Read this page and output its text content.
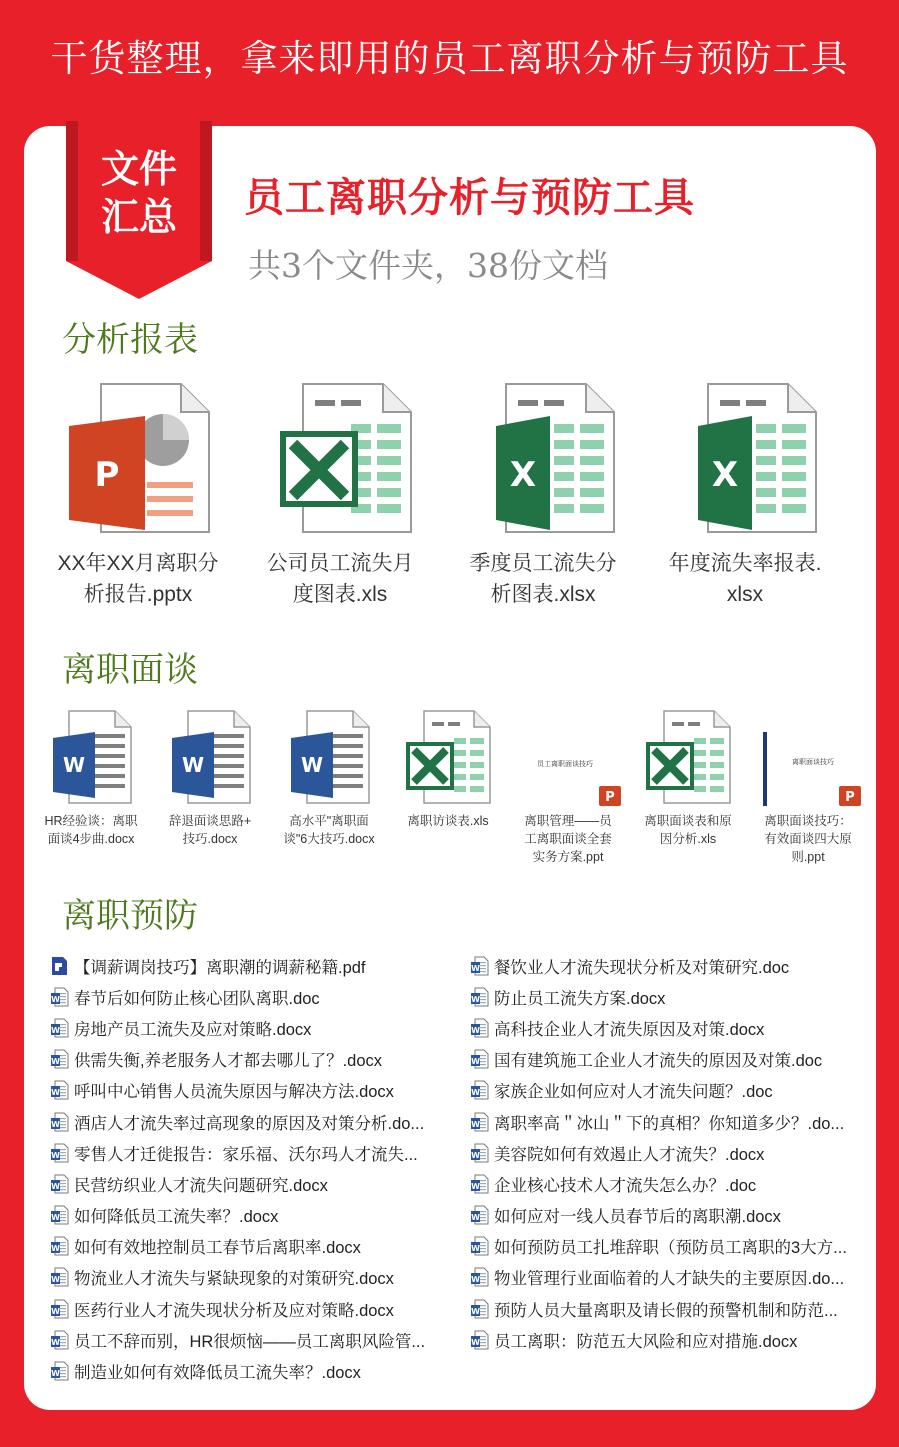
干货整理，拿来即用的员工离职分析与预防工具
文件
汇总	员工离职分析与预防工具
共3个文件夹，38份文档
分析报表
P
XX年XX月离职分
析报告.pptx
公司员工流失月
度图表.xls
X
季度员工流失分
析图表.xlsx
X
年度流失率报表.
xlsx
离职面谈
W
HR经验谈：离职
面谈4步曲.docx
W
辞退面谈思路+
技巧.docx
W
高水平"离职面
谈"6大技巧.docx
离职访谈表.xls
员工离职面谈技巧
P
离职管理——员
工离职面谈全套
实务方案.ppt
离职面谈表和原
因分析.xls
离职面谈技巧
P
离职面谈技巧：
有效面谈四大原
则.ppt
离职预防
【调薪调岗技巧】离职潮的调薪秘籍.pdf
W 春节后如何防止核心团队离职.doc
W 房地产员工流失及应对策略.docx
W 供需失衡,养老服务人才都去哪儿了？.docx
W 呼叫中心销售人员流失原因与解决方法.docx
W 酒店人才流失率过高现象的原因及对策分析.do...
W 零售人才迁徙报告：家乐福、沃尔玛人才流失...
W 民营纺织业人才流失问题研究.docx
W 如何降低员工流失率？.docx
W 如何有效地控制员工春节后离职率.docx
W 物流业人才流失与紧缺现象的对策研究.docx
W 医药行业人才流失现状分析及应对策略.docx
W 员工不辞而别，HR很烦恼——员工离职风险管...
W 制造业如何有效降低员工流失率？.docx
W 餐饮业人才流失现状分析及对策研究.doc
W 防止员工流失方案.docx
W 高科技企业人才流失原因及对策.docx
W 国有建筑施工企业人才流失的原因及对策.doc
W 家族企业如何应对人才流失问题？.doc
W 离职率高＂冰山＂下的真相？你知道多少？.do...
W 美容院如何有效遏止人才流失？.docx
W 企业核心技术人才流失怎么办？.doc
W 如何应对一线人员春节后的离职潮.docx
W 如何预防员工扎堆辞职（预防员工离职的3大方...
W 物业管理行业面临着的人才缺失的主要原因.do...
W 预防人员大量离职及请长假的预警机制和防范...
W 员工离职：防范五大风险和应对措施.docx
